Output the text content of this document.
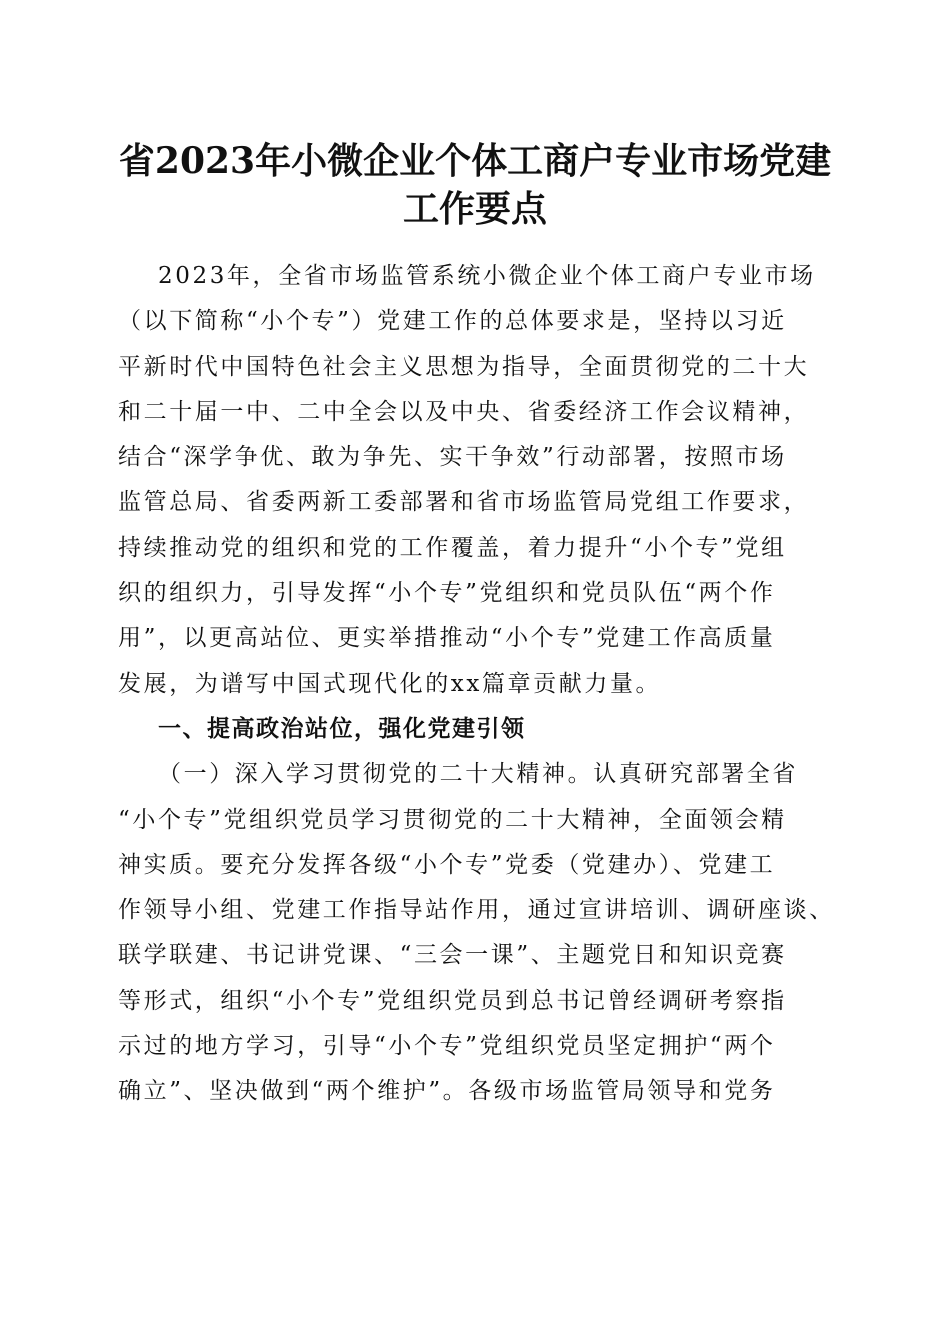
省2023年小微企业个体工商户专业市场党建
工作要点
2023年，全省市场监管系统小微企业个体工商户专业市场
（以下简称“小个专”）党建工作的总体要求是，坚持以习近
平新时代中国特色社会主义思想为指导，全面贯彻党的二十大
和二十届一中、二中全会以及中央、省委经济工作会议精神，
结合“深学争优、敢为争先、实干争效”行动部署，按照市场
监管总局、省委两新工委部署和省市场监管局党组工作要求，
持续推动党的组织和党的工作覆盖，着力提升“小个专”党组
织的组织力，引导发挥“小个专”党组织和党员队伍“两个作
用”，以更高站位、更实举措推动“小个专”党建工作高质量
发展，为谱写中国式现代化的xx篇章贡献力量。
一、提高政治站位，强化党建引领
（一）深入学习贯彻党的二十大精神。认真研究部署全省
“小个专”党组织党员学习贯彻党的二十大精神，全面领会精
神实质。要充分发挥各级“小个专”党委（党建办）、党建工
作领导小组、党建工作指导站作用，通过宣讲培训、调研座谈、
联学联建、书记讲党课、“三会一课”、主题党日和知识竞赛
等形式，组织“小个专”党组织党员到总书记曾经调研考察指
示过的地方学习，引导“小个专”党组织党员坚定拥护“两个
确立”、坚决做到“两个维护”。各级市场监管局领导和党务
